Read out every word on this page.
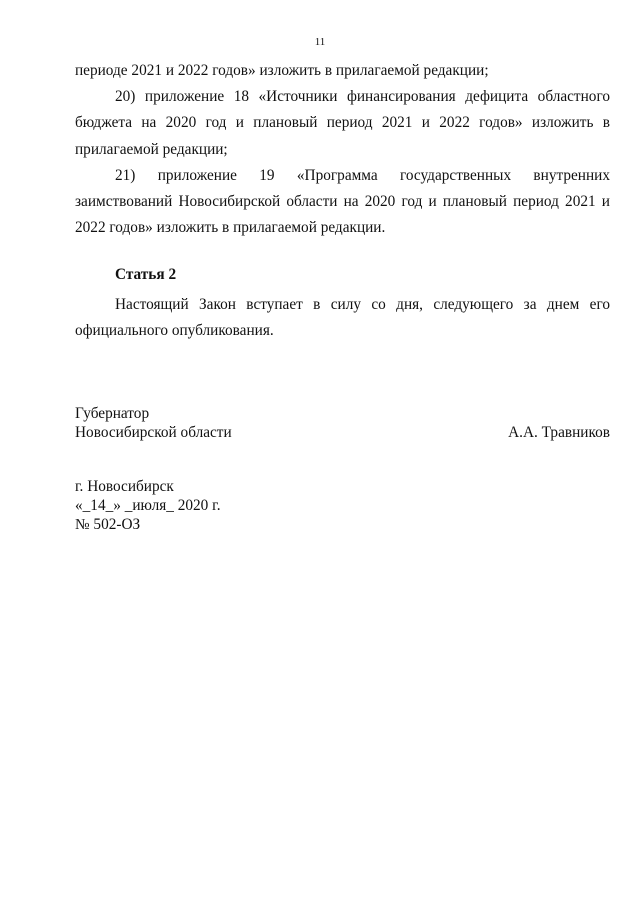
11

периоде 2021 и 2022 годов» изложить в прилагаемой редакции;

20) приложение 18 «Источники финансирования дефицита областного бюджета на 2020 год и плановый период 2021 и 2022 годов» изложить в прилагаемой редакции;

21) приложение 19 «Программа государственных внутренних заимствований Новосибирской области на 2020 год и плановый период 2021 и 2022 годов» изложить в прилагаемой редакции.

Статья 2

Настоящий Закон вступает в силу со дня, следующего за днем его официального опубликования.

Губернатор
Новосибирской области	А.А. Травников
г. Новосибирск
«_14_» _июля_ 2020 г.
№ 502-ОЗ
